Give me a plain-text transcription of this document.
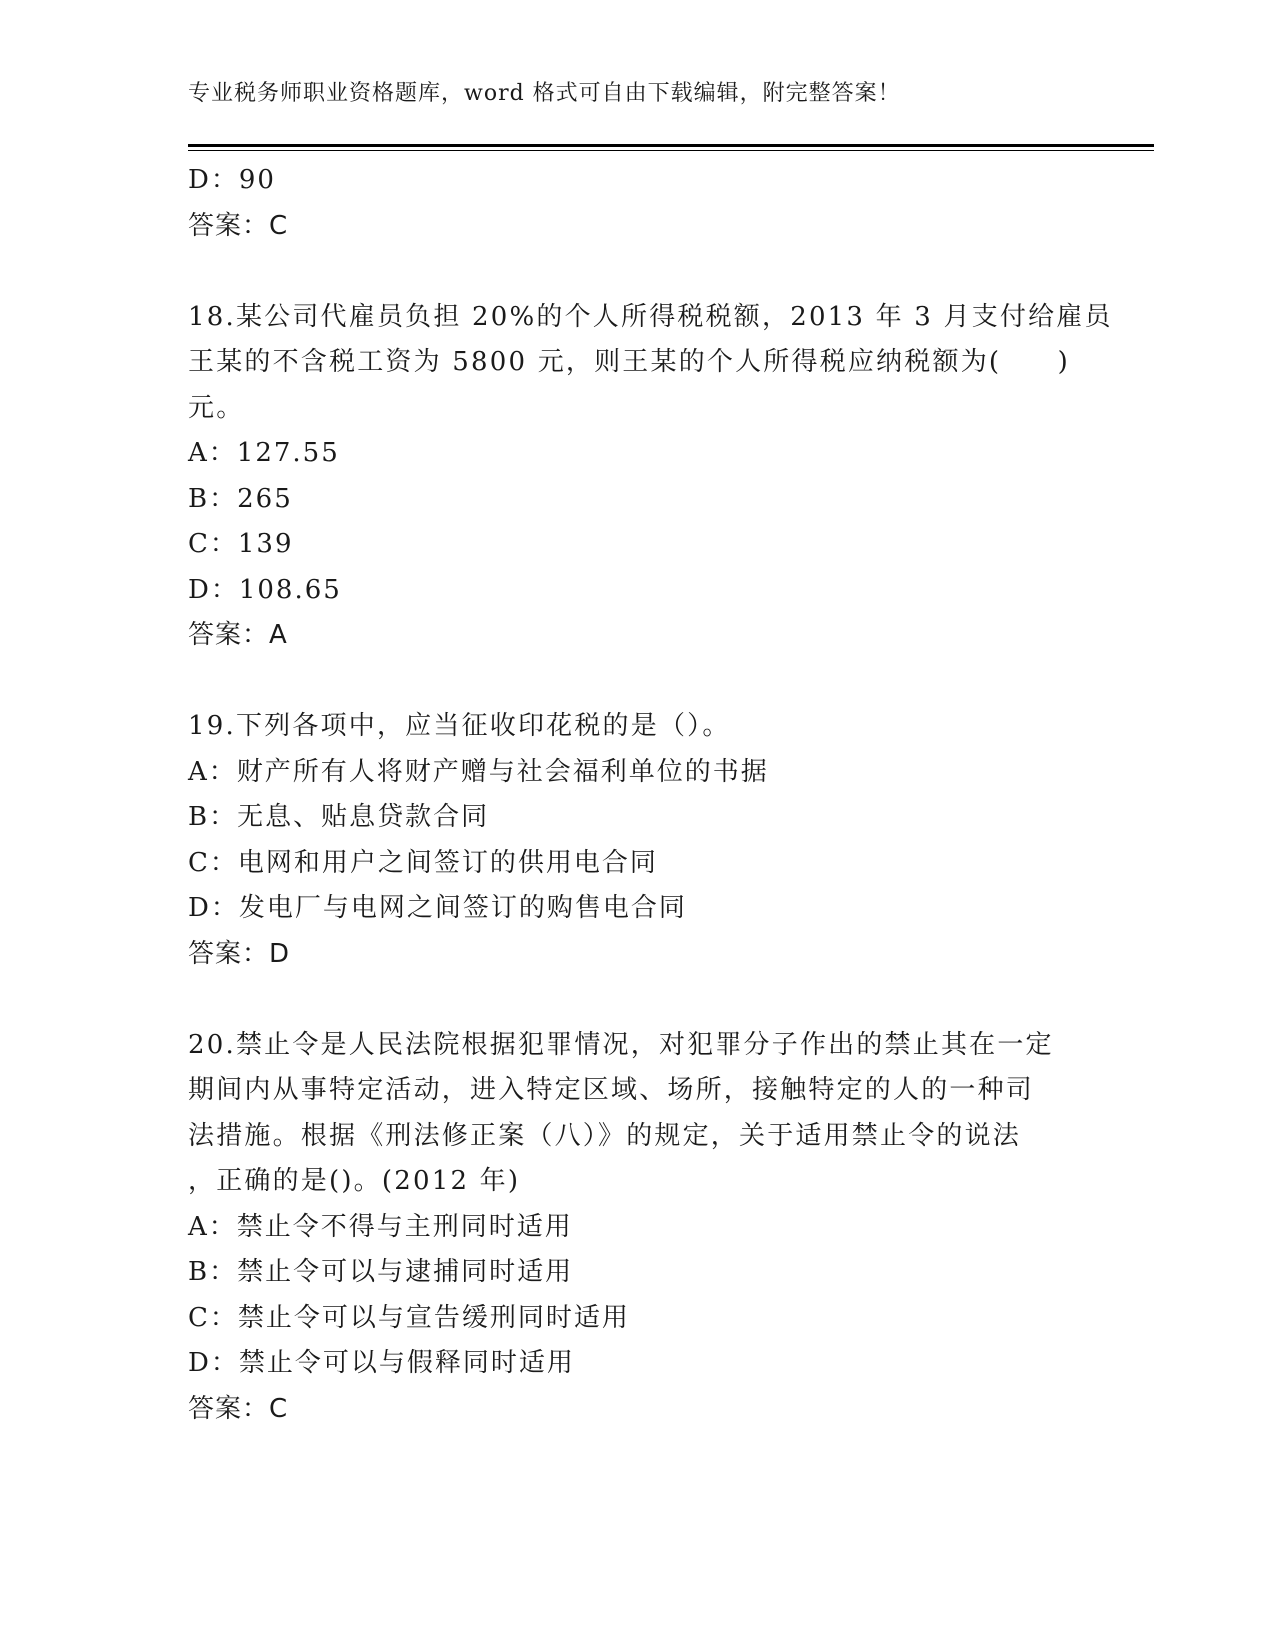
专业税务师职业资格题库，word 格式可自由下载编辑，附完整答案！
D：90
答案：C
18.某公司代雇员负担 20%的个人所得税税额，2013 年 3 月支付给雇员
王某的不含税工资为 5800 元，则王某的个人所得税应纳税额为(　　)
元。
A：127.55
B：265
C：139
D：108.65
答案：A
19.下列各项中，应当征收印花税的是（）。
A：财产所有人将财产赠与社会福利单位的书据
B：无息、贴息贷款合同
C：电网和用户之间签订的供用电合同
D：发电厂与电网之间签订的购售电合同
答案：D
20.禁止令是人民法院根据犯罪情况，对犯罪分子作出的禁止其在一定
期间内从事特定活动，进入特定区域、场所，接触特定的人的一种司
法措施。根据《刑法修正案（八）》的规定，关于适用禁止令的说法
，正确的是()。(2012 年)
A：禁止令不得与主刑同时适用
B：禁止令可以与逮捕同时适用
C：禁止令可以与宣告缓刑同时适用
D：禁止令可以与假释同时适用
答案：C
